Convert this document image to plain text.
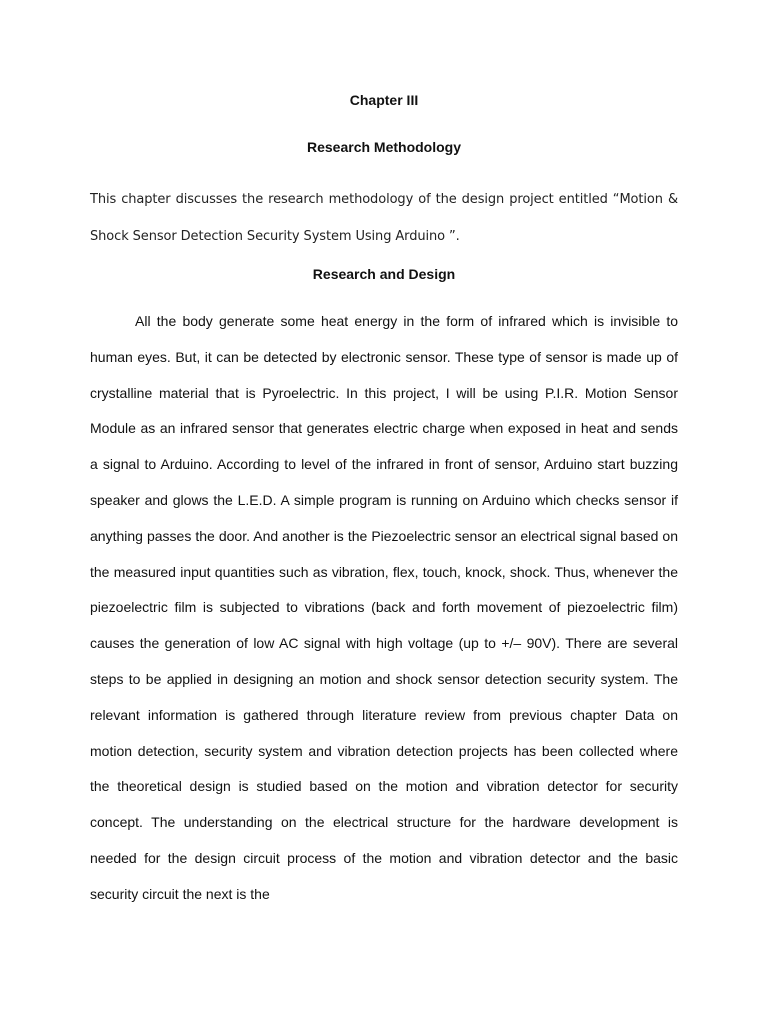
Chapter III
Research Methodology

This chapter discusses the research methodology of the design project entitled “Motion & Shock Sensor Detection Security System Using Arduino ”.

Research and Design

All the body generate some heat energy in the form of infrared which is invisible to human eyes. But, it can be detected by electronic sensor. These type of sensor is made up of crystalline material that is Pyroelectric. In this project, I will be using P.I.R. Motion Sensor Module as an infrared sensor that generates electric charge when exposed in heat and sends a signal to Arduino. According to level of the infrared in front of sensor, Arduino start buzzing speaker and glows the L.E.D. A simple program is running on Arduino which checks sensor if anything passes the door. And another is the Piezoelectric sensor an electrical signal based on the measured input quantities such as vibration, flex, touch, knock, shock. Thus, whenever the piezoelectric film is subjected to vibrations (back and forth movement of piezoelectric film) causes the generation of low AC signal with high voltage (up to +/– 90V). There are several steps to be applied in designing an motion and shock sensor detection security system. The relevant information is gathered through literature review from previous chapter Data on motion detection, security system and vibration detection projects has been collected where the theoretical design is studied based on the motion and vibration detector for security concept. The understanding on the electrical structure for the hardware development is needed for the design circuit process of the motion and vibration detector and the basic security circuit the next is the
